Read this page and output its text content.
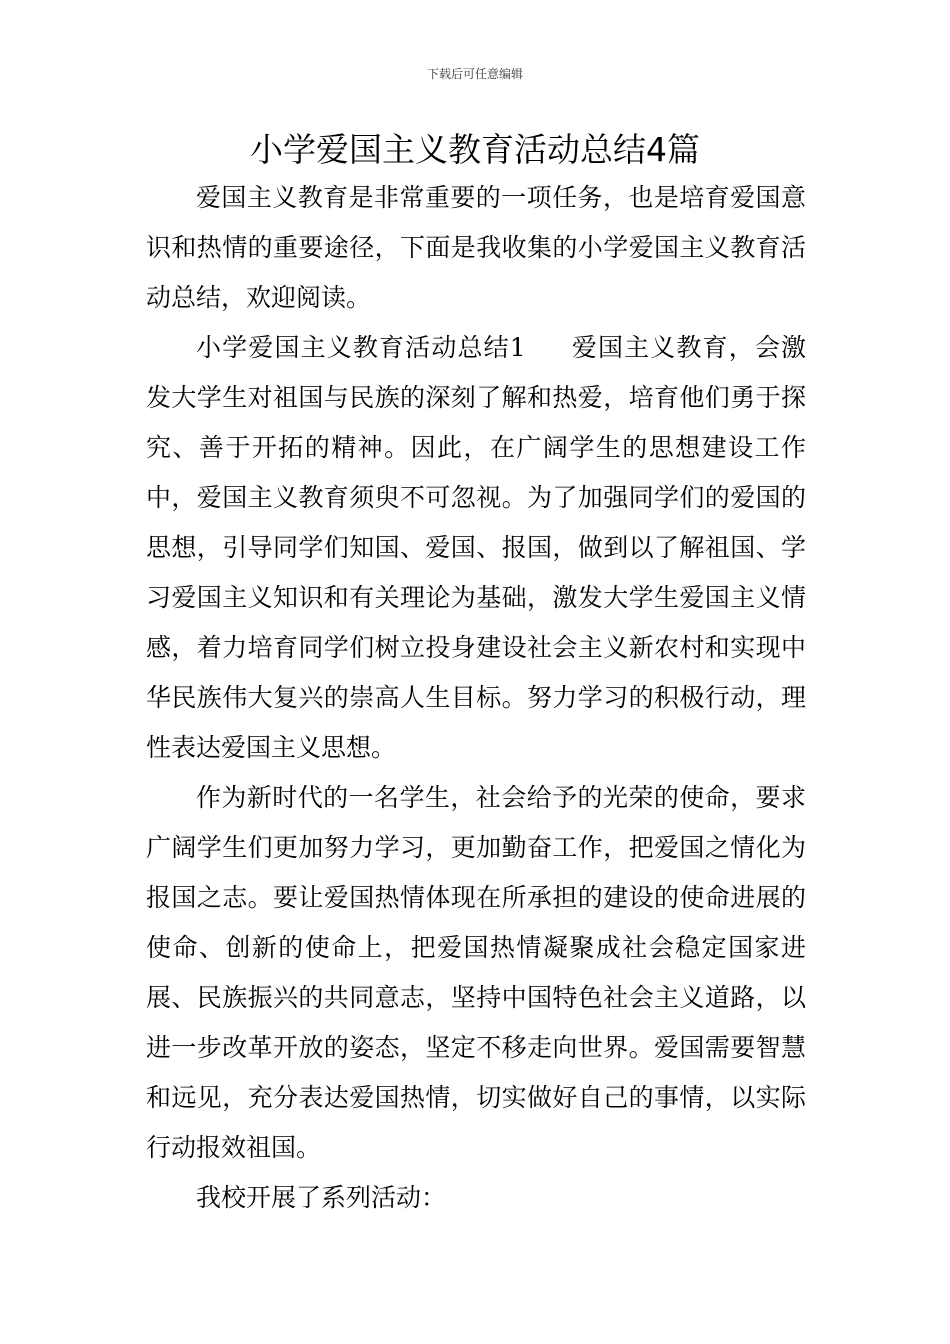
下载后可任意编辑
小学爱国主义教育活动总结4篇

爱国主义教育是非常重要的一项任务，也是培育爱国意识和热情的重要途径，下面是我收集的小学爱国主义教育活动总结，欢迎阅读。

小学爱国主义教育活动总结1 爱国主义教育，会激发大学生对祖国与民族的深刻了解和热爱，培育他们勇于探究、善于开拓的精神。因此，在广阔学生的思想建设工作中，爱国主义教育须臾不可忽视。为了加强同学们的爱国的思想，引导同学们知国、爱国、报国，做到以了解祖国、学习爱国主义知识和有关理论为基础，激发大学生爱国主义情感，着力培育同学们树立投身建设社会主义新农村和实现中华民族伟大复兴的崇高人生目标。努力学习的积极行动，理性表达爱国主义思想。

作为新时代的一名学生，社会给予的光荣的使命，要求广阔学生们更加努力学习，更加勤奋工作，把爱国之情化为报国之志。要让爱国热情体现在所承担的建设的使命进展的使命、创新的使命上，把爱国热情凝聚成社会稳定国家进展、民族振兴的共同意志，坚持中国特色社会主义道路，以进一步改革开放的姿态，坚定不移走向世界。爱国需要智慧和远见，充分表达爱国热情，切实做好自己的事情，以实际行动报效祖国。

我校开展了系列活动：
